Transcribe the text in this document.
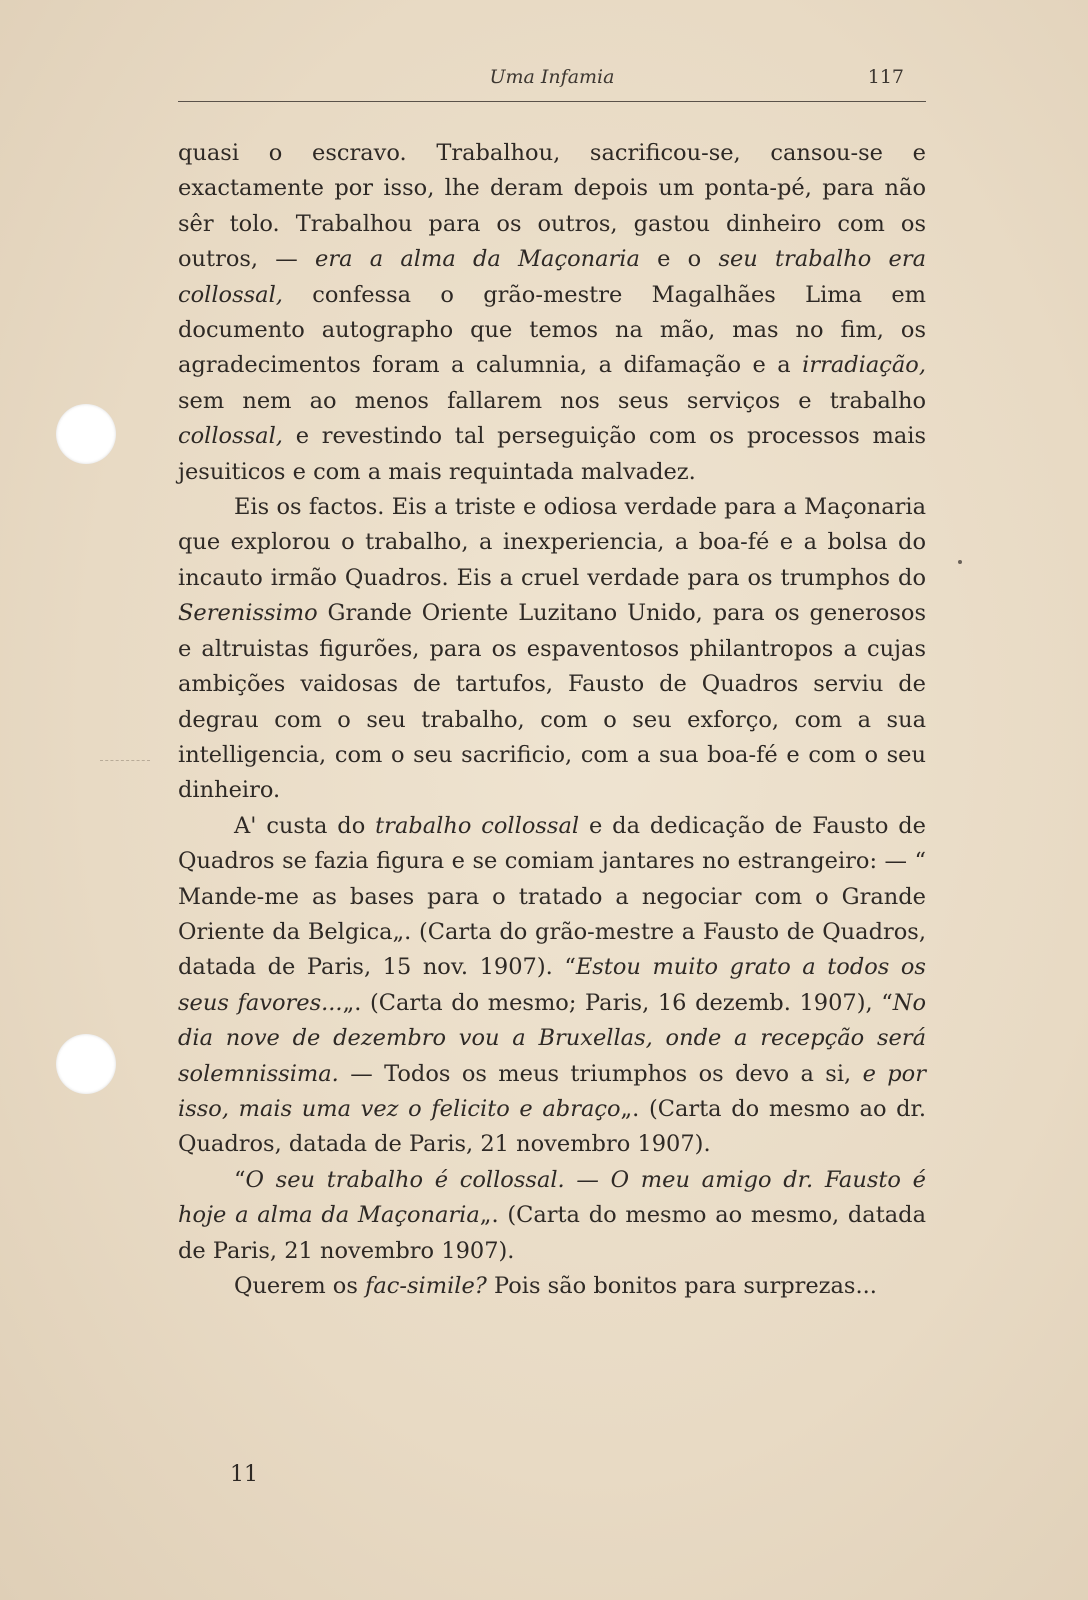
Uma Infamia	117

quasi o escravo. Trabalhou, sacrificou-se, cansou-se e exactamente por isso, lhe deram depois um ponta-pé, para não sêr tolo. Trabalhou para os outros, gastou dinheiro com os outros, — era a alma da Maçonaria e o seu trabalho era collossal, confessa o grão-mestre Magalhães Lima em documento autographo que temos na mão, mas no fim, os agradecimentos foram a calumnia, a difamação e a irradiação, sem nem ao menos fallarem nos seus serviços e trabalho collossal, e revestindo tal perseguição com os processos mais jesuiticos e com a mais requintada malvadez.

Eis os factos. Eis a triste e odiosa verdade para a Maçonaria que explorou o trabalho, a inexperiencia, a boa-fé e a bolsa do incauto irmão Quadros. Eis a cruel verdade para os trumphos do Serenissimo Grande Oriente Luzitano Unido, para os generosos e altruistas figurões, para os espaventosos philantropos a cujas ambições vaidosas de tartufos, Fausto de Quadros serviu de degrau com o seu trabalho, com o seu exforço, com a sua intelligencia, com o seu sacrificio, com a sua boa-fé e com o seu dinheiro.

A' custa do trabalho collossal e da dedicação de Fausto de Quadros se fazia figura e se comiam jantares no estrangeiro: — “ Mande-me as bases para o tratado a negociar com o Grande Oriente da Belgica„. (Carta do grão-mestre a Fausto de Quadros, datada de Paris, 15 nov. 1907). “Estou muito grato a todos os seus favores...„. (Carta do mesmo; Paris, 16 dezemb. 1907), “No dia nove de dezembro vou a Bruxellas, onde a recepção será solemnissima. — Todos os meus triumphos os devo a si, e por isso, mais uma vez o felicito e abraço„. (Carta do mesmo ao dr. Quadros, datada de Paris, 21 novembro 1907).

“O seu trabalho é collossal. — O meu amigo dr. Fausto é hoje a alma da Maçonaria„. (Carta do mesmo ao mesmo, datada de Paris, 21 novembro 1907).

Querem os fac-simile? Pois são bonitos para surprezas...

11
